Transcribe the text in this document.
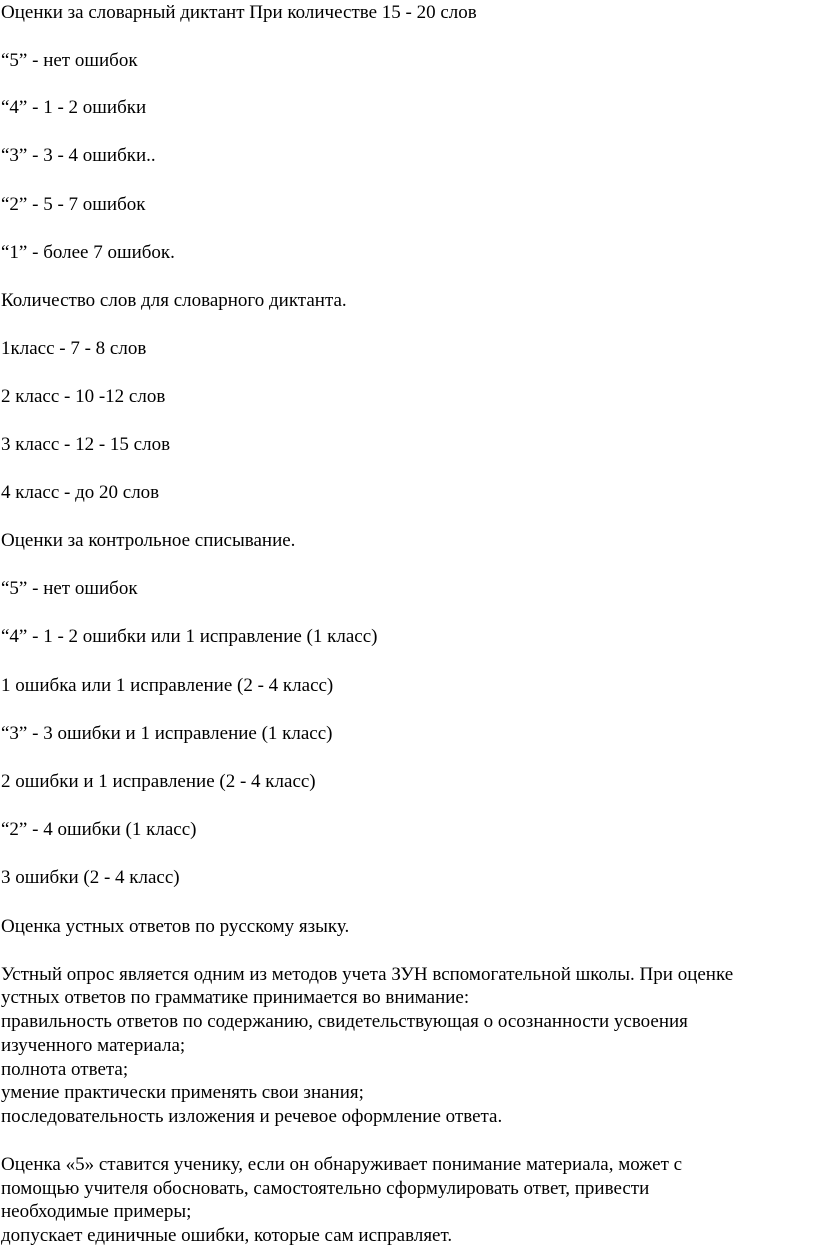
Оценки за словарный диктант При количестве 15 - 20 слов
“5” - нет ошибок
“4” - 1 - 2 ошибки
“3” - 3 - 4 ошибки..
“2” - 5 - 7 ошибок
“1” - более 7 ошибок.
Количество слов для словарного диктанта.
1класс - 7 - 8 слов
2 класс - 10 -12 слов
3 класс - 12 - 15 слов
4 класс - до 20 слов
Оценки за контрольное списывание.
“5” - нет ошибок
“4” - 1 - 2 ошибки или 1 исправление (1 класс)
1 ошибка или 1 исправление (2 - 4 класс)
“3” - 3 ошибки и 1 исправление (1 класс)
2 ошибки и 1 исправление (2 - 4 класс)
“2” - 4 ошибки (1 класс)
3 ошибки (2 - 4 класс)
Оценка устных ответов по русскому языку.
Устный опрос является одним из методов учета ЗУН вспомогательной школы. При оценке
устных ответов по грамматике принимается во внимание:
правильность ответов по содержанию, свидетельствующая о осознанности усвоения
изученного материала;
полнота ответа;
умение практически применять свои знания;
последовательность изложения и речевое оформление ответа.
Оценка «5» ставится ученику, если он обнаруживает понимание материала, может с
помощью учителя обосновать, самостоятельно сформулировать ответ, привести
необходимые примеры;
допускает единичные ошибки, которые сам исправляет.
